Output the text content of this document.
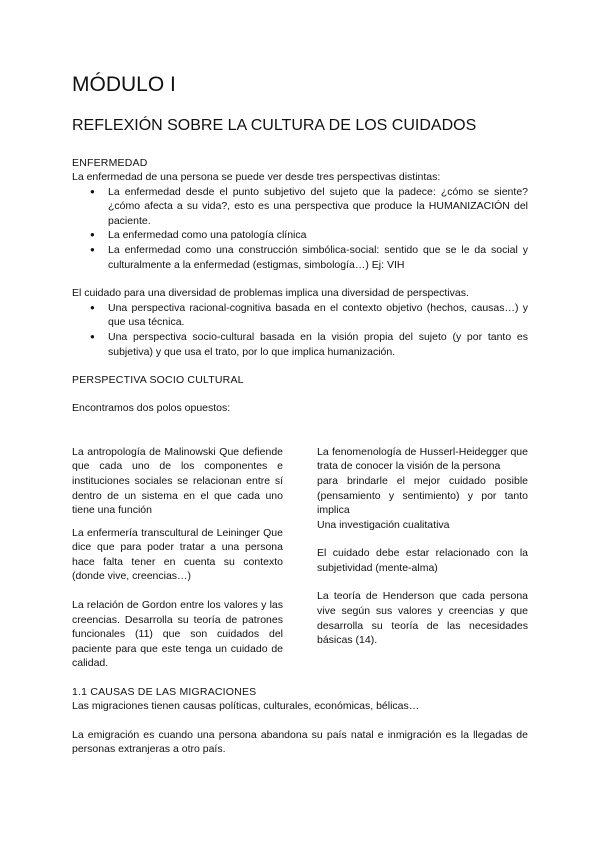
MÓDULO I
REFLEXIÓN SOBRE LA CULTURA DE LOS CUIDADOS

ENFERMEDAD

La enfermedad de una persona se puede ver desde tres perspectivas distintas:

● La enfermedad desde el punto subjetivo del sujeto que la padece: ¿cómo se siente?¿cómo afecta a su vida?, esto es una perspectiva que produce la HUMANIZACIÓN del paciente.
● La enfermedad como una patología clínica
● La enfermedad como una construcción simbólica-social: sentido que se le da social y culturalmente a la enfermedad (estigmas, simbología…) Ej: VIH

El cuidado para una diversidad de problemas implica una diversidad de perspectivas.

● Una perspectiva racional-cognitiva basada en el contexto objetivo (hechos, causas…) y que usa técnica.
● Una perspectiva socio-cultural basada en la visión propia del sujeto (y por tanto es subjetiva) y que usa el trato, por lo que implica humanización.

PERSPECTIVA SOCIO CULTURAL

Encontramos dos polos opuestos:

La antropología de Malinowski Que defiende que cada uno de los componentes e instituciones sociales se relacionan entre sí dentro de un sistema en el que cada uno tiene una función

La enfermería transcultural de Leininger Que dice que para poder tratar a una persona hace falta tener en cuenta su contexto (donde vive, creencias…)

La relación de Gordon entre los valores y las creencias. Desarrolla su teoría de patrones funcionales (11) que son cuidados del paciente para que este tenga un cuidado de calidad.

La fenomenología de Husserl-Heidegger que trata de conocer la visión de la persona

para brindarle el mejor cuidado posible (pensamiento y sentimiento) y por tanto implica

Una investigación cualitativa

El cuidado debe estar relacionado con la subjetividad (mente-alma)

La teoría de Henderson que cada persona vive según sus valores y creencias y que desarrolla su teoría de las necesidades básicas (14).

1.1 CAUSAS DE LAS MIGRACIONES

Las migraciones tienen causas políticas, culturales, económicas, bélicas…

La emigración es cuando una persona abandona su país natal e inmigración es la llegadas de personas extranjeras a otro país.
